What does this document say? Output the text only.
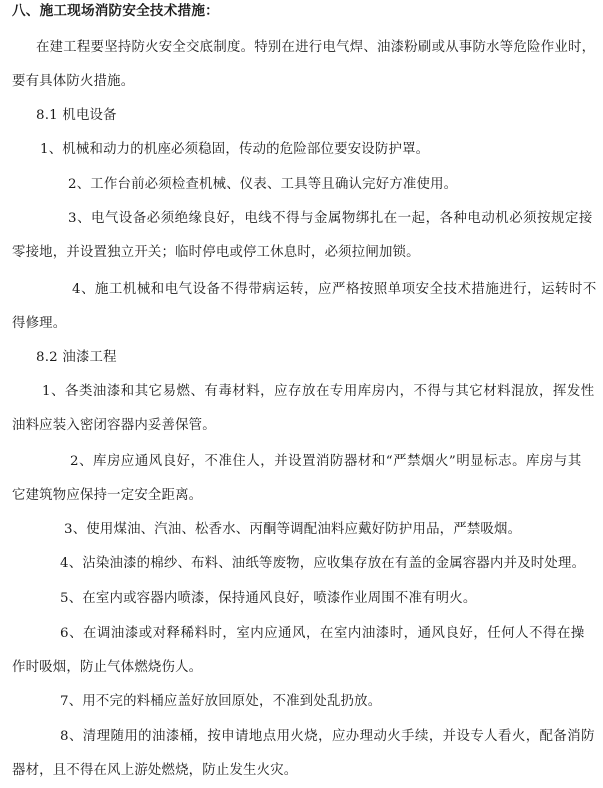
八、施工现场消防安全技术措施：
在建工程要坚持防火安全交底制度。特别在进行电气焊、油漆粉刷或从事防水等危险作业时，
要有具体防火措施。
8.1 机电设备
1、机械和动力的机座必须稳固，传动的危险部位要安设防护罩。
2、工作台前必须检查机械、仪表、工具等且确认完好方准使用。
3、电气设备必须绝缘良好，电线不得与金属物绑扎在一起，各种电动机必须按规定接
零接地，并设置独立开关；临时停电或停工休息时，必须拉闸加锁。
4、施工机械和电气设备不得带病运转，应严格按照单项安全技术措施进行，运转时不
得修理。
8.2 油漆工程
1、各类油漆和其它易燃、有毒材料，应存放在专用库房内，不得与其它材料混放，挥发性
油料应装入密闭容器内妥善保管。
2、库房应通风良好，不准住人，并设置消防器材和“严禁烟火”明显标志。库房与其
它建筑物应保持一定安全距离。
3、使用煤油、汽油、松香水、丙酮等调配油料应戴好防护用品，严禁吸烟。
4、沾染油漆的棉纱、布料、油纸等废物，应收集存放在有盖的金属容器内并及时处理。
5、在室内或容器内喷漆，保持通风良好，喷漆作业周围不准有明火。
6、在调油漆或对释稀料时，室内应通风，在室内油漆时，通风良好，任何人不得在操
作时吸烟，防止气体燃烧伤人。
7、用不完的料桶应盖好放回原处，不准到处乱扔放。
8、清理随用的油漆桶，按申请地点用火烧，应办理动火手续，并设专人看火，配备消防
器材，且不得在风上游处燃烧，防止发生火灾。
